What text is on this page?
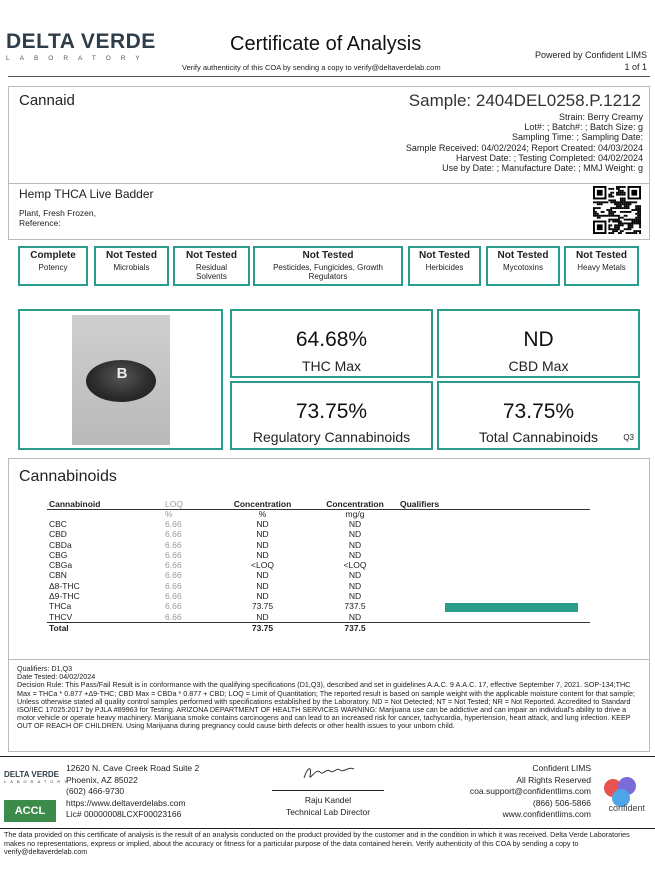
DELTA VERDE
LABORATORY
Certificate of Analysis
Verify authenticity of this COA by sending a copy to verify@deltaverdelab.com
Powered by Confident LIMS
1 of 1
Cannaid	Sample: 2404DEL0258.P.1212
Strain: Berry Creamy
Lot#: ; Batch#: ; Batch Size: g
Sampling Time: ; Sampling Date:
Sample Received: 04/02/2024; Report Created: 04/03/2024
Harvest Date: ; Testing Completed: 04/02/2024
Use by Date: ; Manufacture Date: ; MMJ Weight: g
Hemp THCA Live Badder
Plant, Fresh Frozen,
Reference:
Complete
Potency
Not Tested
Microbials
Not Tested
Residual Solvents
Not Tested
Pesticides, Fungicides, Growth Regulators
Not Tested
Herbicides
Not Tested
Mycotoxins
Not Tested
Heavy Metals
B
64.68%
THC Max
ND
CBD Max
73.75%
Regulatory Cannabinoids
73.75%
Total Cannabinoids	Q3
Cannabinoids
Cannabinoid	LOQ	Concentration	Concentration	Qualifiers
	%	%	mg/g	
CBC	6.66	ND	ND	
CBD	6.66	ND	ND	
CBDa	6.66	ND	ND	
CBG	6.66	ND	ND	
CBGa	6.66	<LOQ	<LOQ	
CBN	6.66	ND	ND	
Δ8-THC	6.66	ND	ND	
Δ9-THC	6.66	ND	ND	
THCa	6.66	73.75	737.5	
THCV	6.66	ND	ND	
Total		73.75	737.5	
Qualifiers: D1,Q3
Date Tested: 04/02/2024
Decision Rule: This Pass/Fail Result is in conformance with the qualifying specifications (D1,Q3), described and set in guidelines A.A.C. 9 A.A.C. 17, effective September 7, 2021. SOP-134;THC Max = THCa * 0.877 +Δ9-THC; CBD Max = CBDa * 0.877 + CBD; LOQ = Limit of Quantitation; The reported result is based on sample weight with the applicable moisture content for that sample; Unless otherwise stated all quality control samples performed with specifications established by the Laboratory. ND = Not Detected; NT = Not Tested; NR = Not Reported. Accredited to Standard ISO/IEC 17025:2017 by PJLA #89963 for Testing. ARIZONA DEPARTMENT OF HEALTH SERVICES WARNING: Marijuana use can be addictive and can impair an individual's ability to drive a motor vehicle or operate heavy machinery. Marijuana smoke contains carcinogens and can lead to an increased risk for cancer, tachycardia, hypertension, heart attack, and lung infection. KEEP OUT OF REACH OF CHILDREN. Using Marijuana during pregnancy could cause birth defects or other health issues to your unborn child.
DELTA VERDE
LABORATORY
ACCL
12620 N. Cave Creek Road Suite 2
Phoenix, AZ 85022
(602) 466-9730
https://www.deltaverdelabs.com
Lic# 00000008LCXF00023166
Raju Kandel
Technical Lab Director
Confident LIMS
All Rights Reserved
coa.support@confidentlims.com
(866) 506-5866
www.confidentlims.com
confident
The data provided on this certificate of analysis is the result of an analysis conducted on the product provided by the customer and in the condition in which it was received. Delta Verde Laboratories makes no representations, express or implied, about the accuracy or fitness for a particular purpose of the data contained herein. Verify authenticity of this COA by sending a copy to verify@deltaverdelab.com
